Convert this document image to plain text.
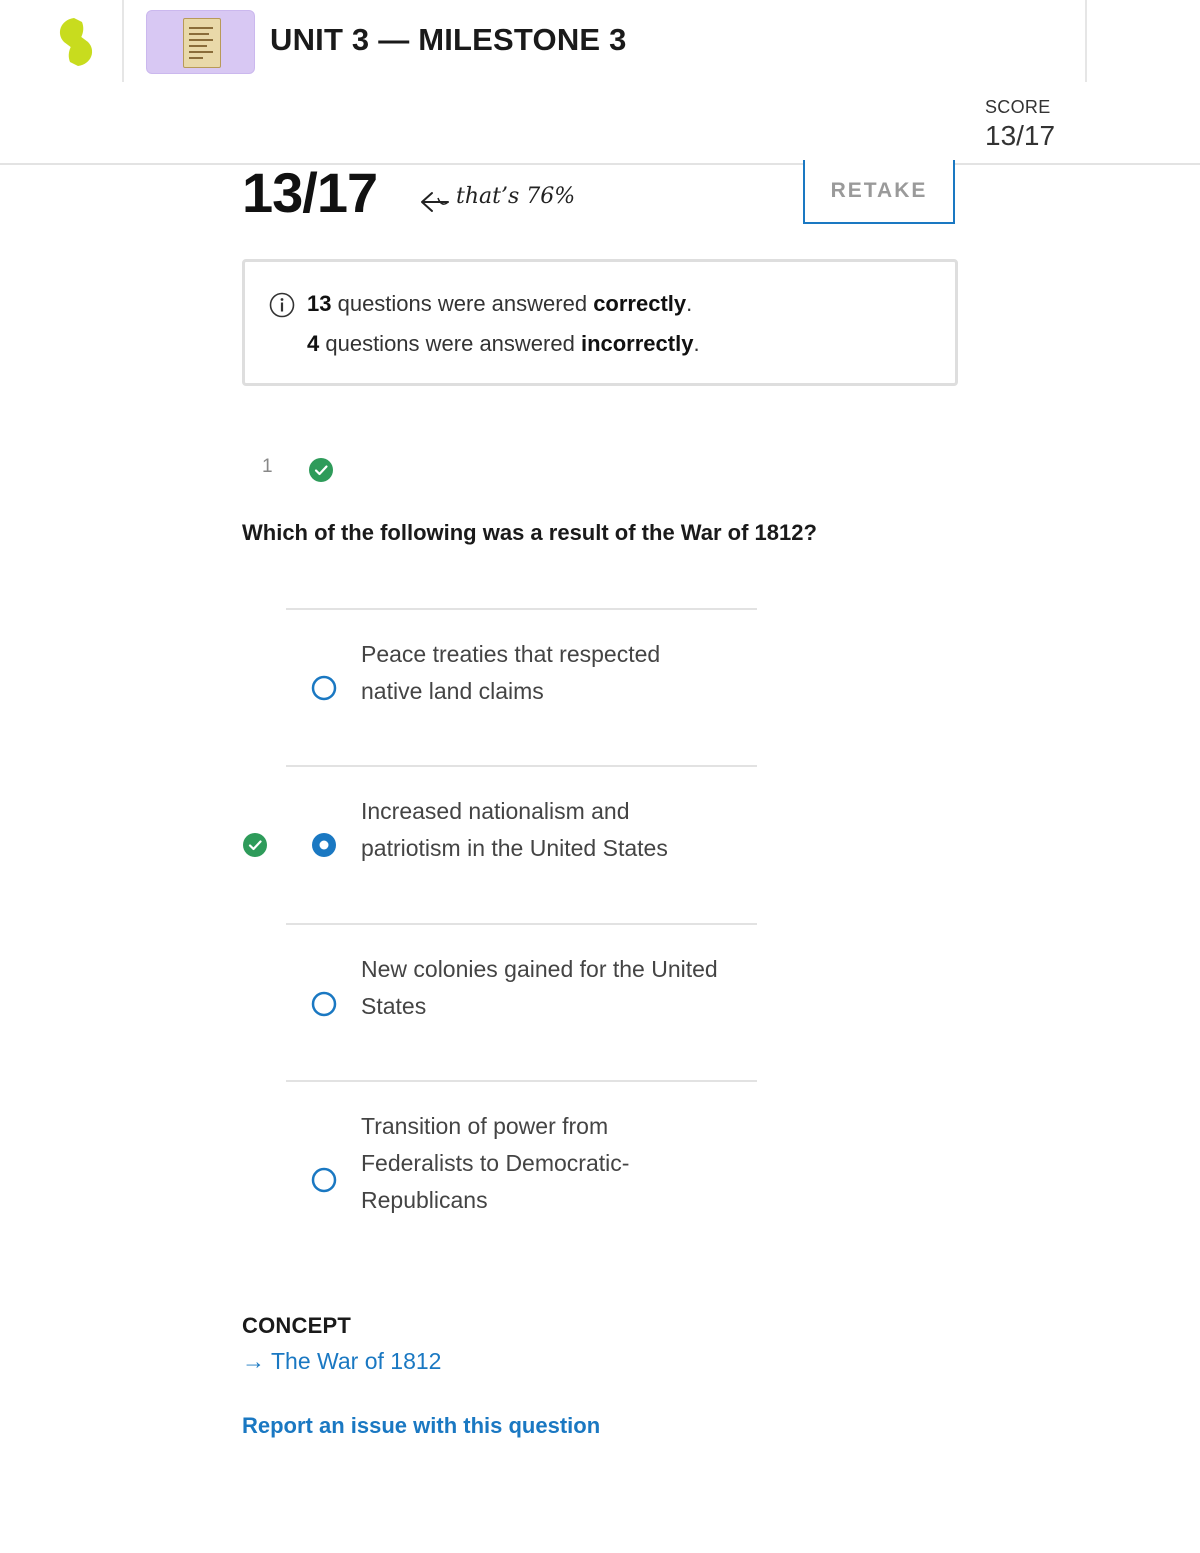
UNIT 3 — MILESTONE 3
SCORE
13/17
13/17	that’s 76%	RETAKE
13 questions were answered correctly.
4 questions were answered incorrectly.
1
Which of the following was a result of the War of 1812?
Peace treaties that respected native land claims
Increased nationalism and patriotism in the United States
New colonies gained for the United States
Transition of power from Federalists to Democratic-Republicans
CONCEPT
→ The War of 1812
Report an issue with this question
